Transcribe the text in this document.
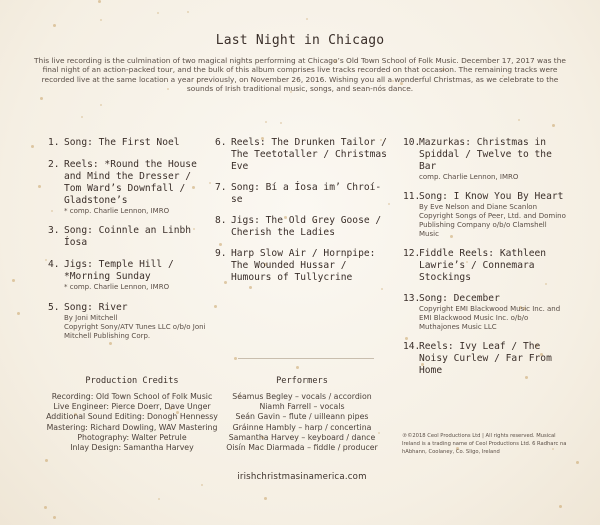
Last Night in Chicago
This live recording is the culmination of two magical nights performing at Chicago’s Old Town School of Folk Music. December 17, 2017 was the final night of an action-packed tour, and the bulk of this album comprises live tracks recorded on that occasion. The remaining tracks were recorded live at the same location a year previously, on November 26, 2016. Wishing you all a wonderful Christmas, as we celebrate to the sounds of Irish traditional music, songs, and sean-nós dance.
1. Song: The First Noel
2. Reels: *Round the House and Mind the Dresser / Tom Ward’s Downfall / Gladstone’s
* comp. Charlie Lennon, IMRO
3. Song: Coinnle an Linbh Íosa
4. Jigs: Temple Hill / *Morning Sunday
* comp. Charlie Lennon, IMRO
5. Song: River
By Joni Mitchell
Copyright Sony/ATV Tunes LLC o/b/o Joni Mitchell Publishing Corp.
6. Reels: The Drunken Tailor / The Teetotaller / Christmas Eve
7. Song: Bí a Íosa im’ Chroí-se
8. Jigs: The Old Grey Goose / Cherish the Ladies
9. Harp Slow Air / Hornpipe: The Wounded Hussar / Humours of Tullycrine
10.
Mazurkas: Christmas in Spiddal / Twelve to the Bar
comp. Charlie Lennon, IMRO
11.
Song: I Know You By Heart
By Eve Nelson and Diane Scanlon
Copyright Songs of Peer, Ltd. and Domino Publishing Company o/b/o Clamshell Music
12.
Fiddle Reels: Kathleen Lawrie’s / Connemara Stockings
13.
Song: December
Copyright EMI Blackwood Music Inc. and EMI Blackwood Music Inc. o/b/o Muthajones Music LLC
14.
Reels: Ivy Leaf / The Noisy Curlew / Far From Home
Production Credits
Recording: Old Town School of Folk Music
Live Engineer: Pierce Doerr, Dave Unger
Additional Sound Editing: Donogh Hennessy
Mastering: Richard Dowling, WAV Mastering
Photography: Walter Petrule
Inlay Design: Samantha Harvey
Performers
Séamus Begley – vocals / accordion
Niamh Farrell – vocals
Seán Gavin – flute / uilleann pipes
Gráinne Hambly – harp / concertina
Samantha Harvey – keyboard / dance
Oisín Mac Diarmada – fiddle / producer
℗©2018 Ceol Productions Ltd | All rights reserved. Musical Ireland is a trading name of Ceol Productions Ltd. 6 Radharc na hAbhann, Coolaney, Co. Sligo, Ireland
irishchristmasinamerica.com
